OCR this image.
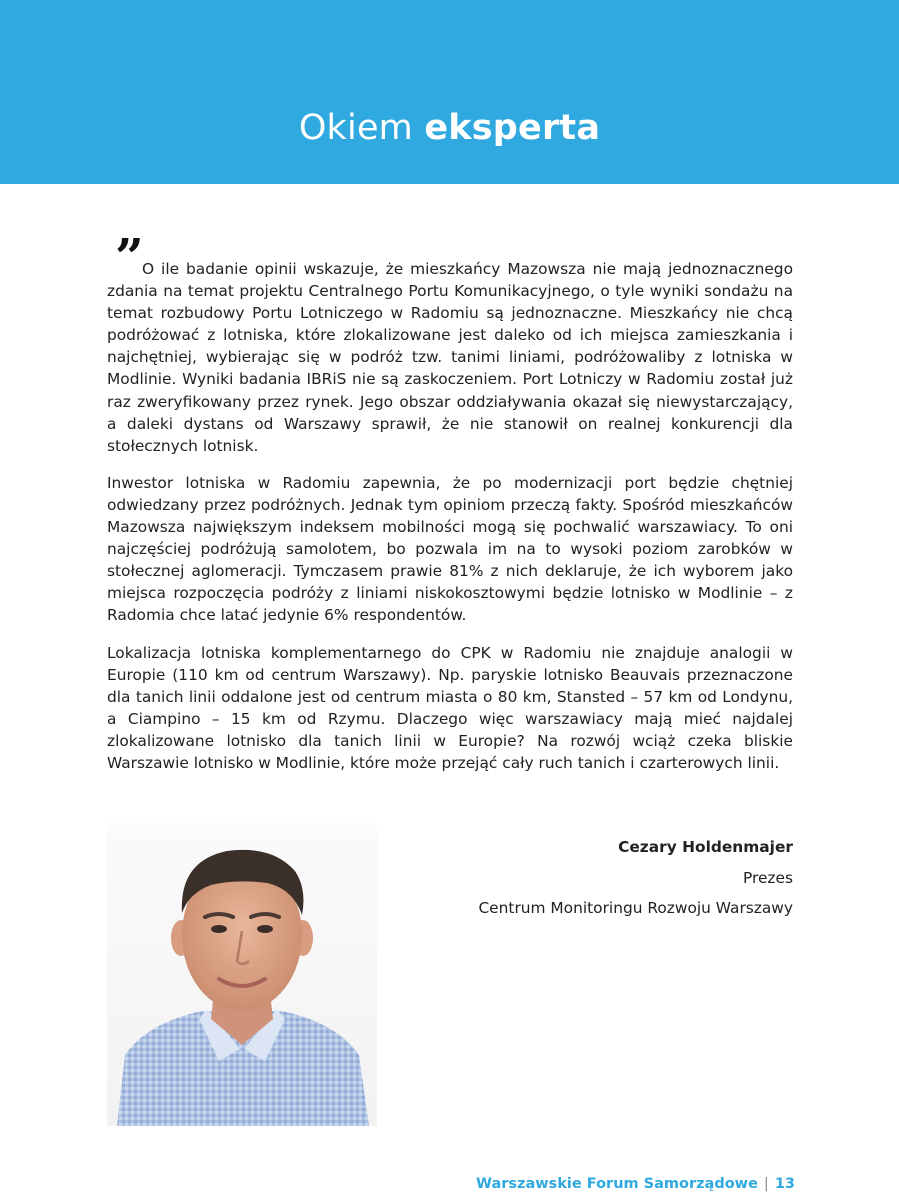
Okiem eksperta
”

O ile badanie opinii wskazuje, że mieszkańcy Mazowsza nie mają jednoznacznego zdania na temat projektu Centralnego Portu Komunikacyjnego, o tyle wyniki sondażu na temat rozbudowy Portu Lotniczego w Radomiu są jednoznaczne. Mieszkańcy nie chcą podróżować z lotniska, które zlokalizowane jest daleko od ich miejsca zamieszkania i najchętniej, wybierając się w podróż tzw. tanimi liniami, podróżowaliby z lotniska w Modlinie. Wyniki badania IBRiS nie są zaskoczeniem. Port Lotniczy w Radomiu został już raz zweryfikowany przez rynek. Jego obszar oddziaływania okazał się niewystarczający, a daleki dystans od Warszawy sprawił, że nie stanowił on realnej konkurencji dla stołecznych lotnisk.

Inwestor lotniska w Radomiu zapewnia, że po modernizacji port będzie chętniej odwiedzany przez podróżnych. Jednak tym opiniom przeczą fakty. Spośród mieszkańców Mazowsza największym indeksem mobilności mogą się pochwalić warszawiacy. To oni najczęściej podróżują samolotem, bo pozwala im na to wysoki poziom zarobków w stołecznej aglomeracji. Tymczasem prawie 81% z nich deklaruje, że ich wyborem jako miejsca rozpoczęcia podróży z liniami niskokosztowymi będzie lotnisko w Modlinie – z Radomia chce latać jedynie 6% respondentów.

Lokalizacja lotniska komplementarnego do CPK w Radomiu nie znajduje analogii w Europie (110 km od centrum Warszawy). Np. paryskie lotnisko Beauvais przeznaczone dla tanich linii oddalone jest od centrum miasta o 80 km, Stansted – 57 km od Londynu, a Ciampino – 15 km od Rzymu. Dlaczego więc warszawiacy mają mieć najdalej zlokalizowane lotnisko dla tanich linii w Europie? Na rozwój wciąż czeka bliskie Warszawie lotnisko w Modlinie, które może przejąć cały ruch tanich i czarterowych linii.

Cezary Holdenmajer
Prezes
Centrum Monitoringu Rozwoju Warszawy
Warszawskie Forum Samorządowe | 13
